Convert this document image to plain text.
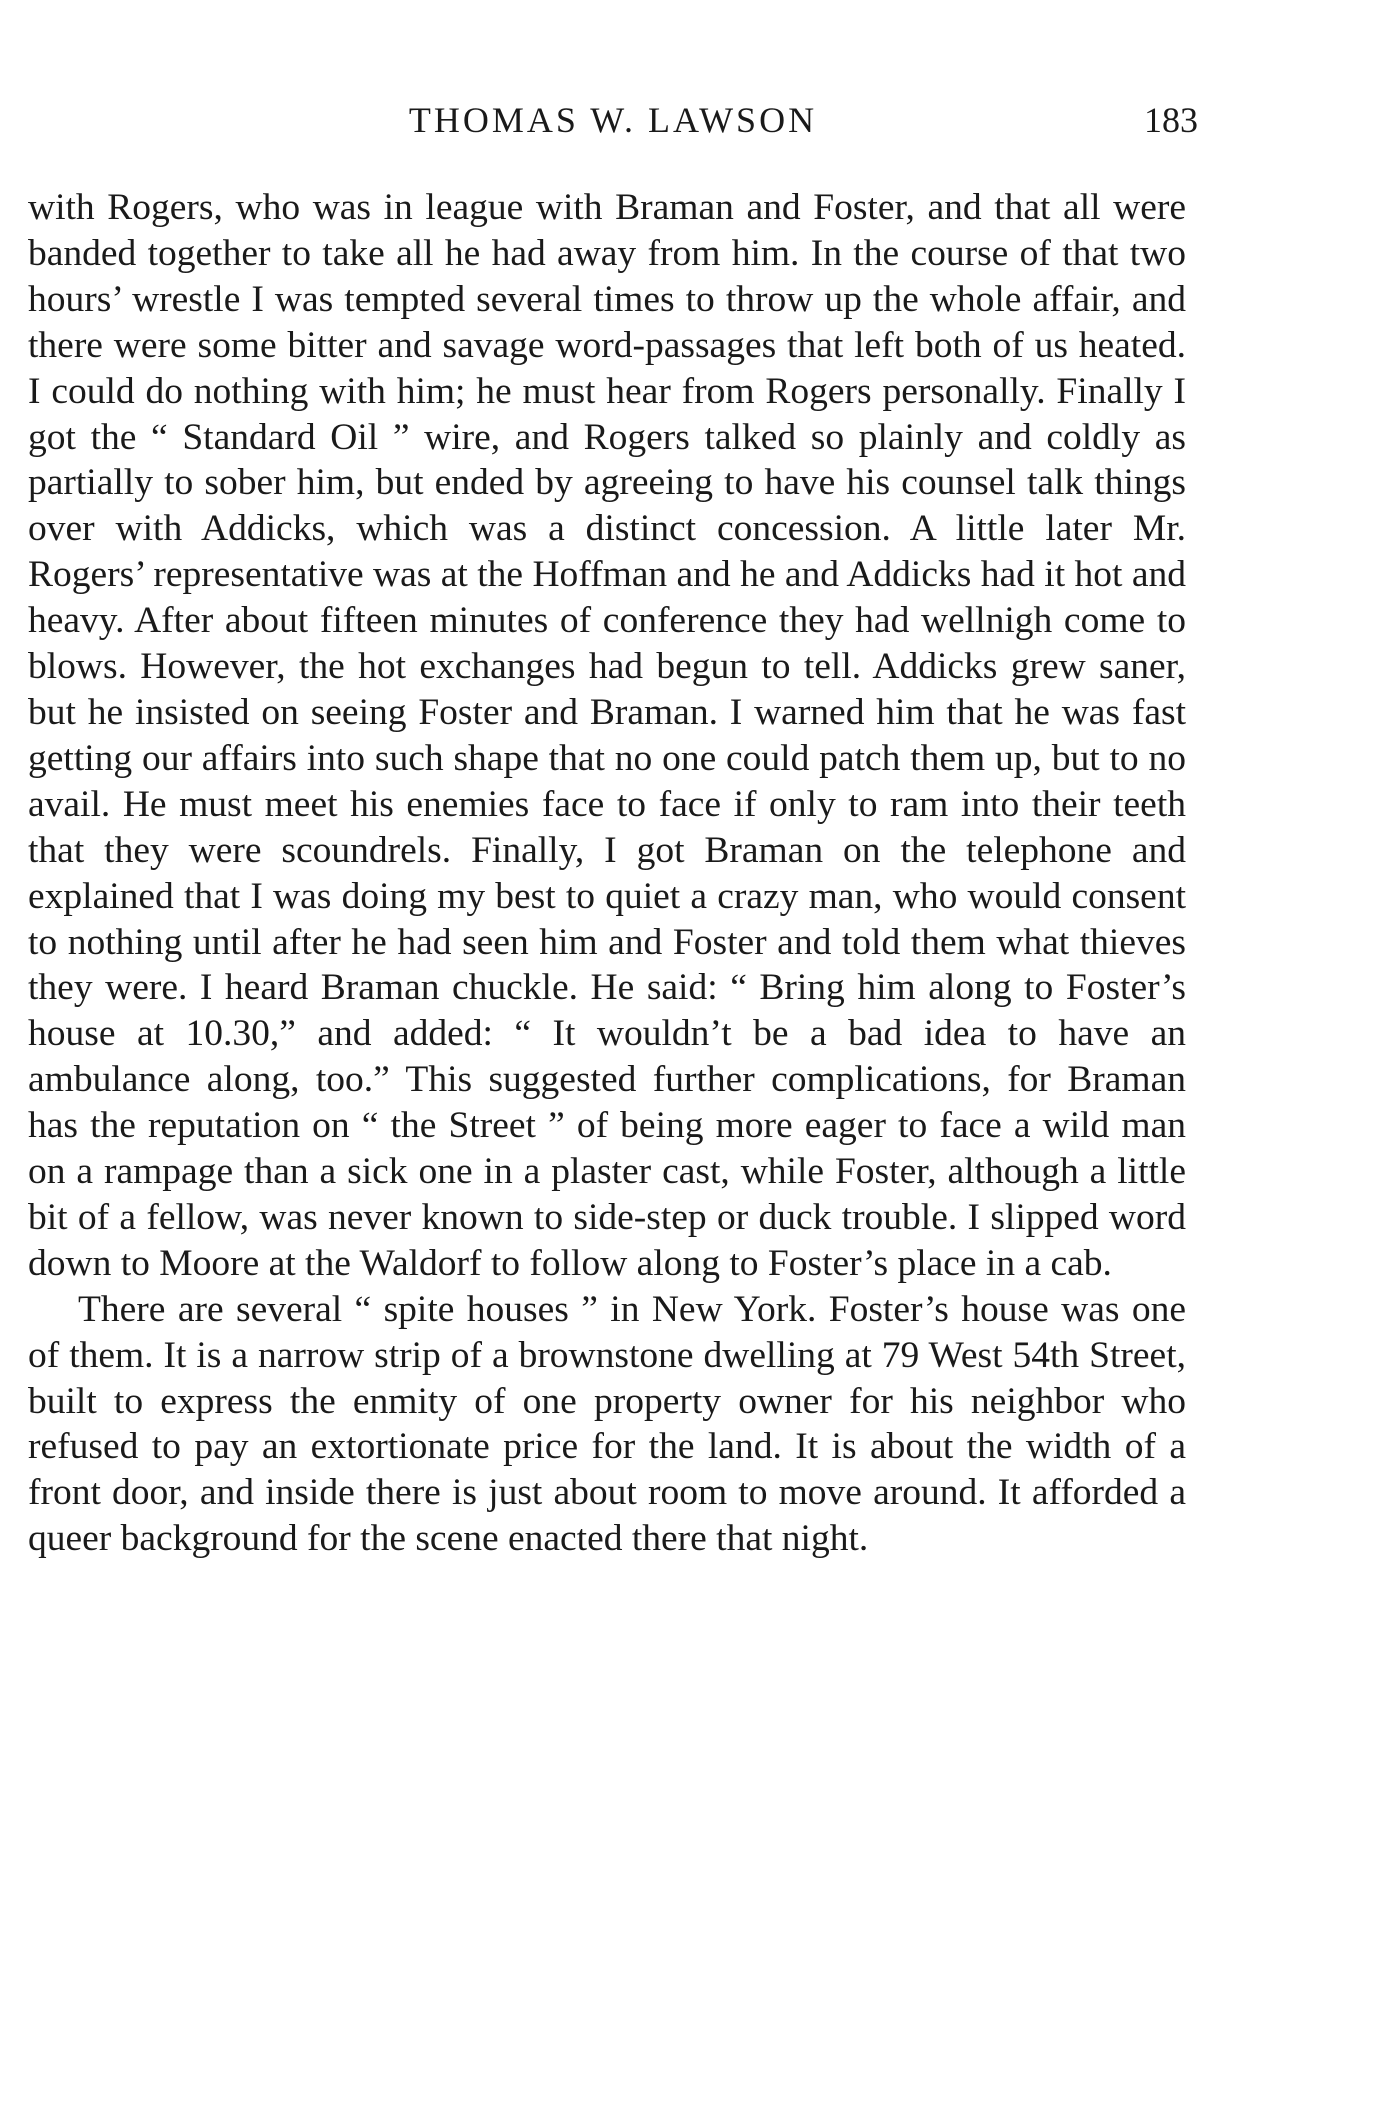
THOMAS W. LAWSON	183

with Rogers, who was in league with Braman and Foster, and that all were banded together to take all he had away from him. In the course of that two hours’ wrestle I was tempted several times to throw up the whole affair, and there were some bitter and savage word-passages that left both of us heated. I could do nothing with him; he must hear from Rogers personally. Finally I got the “ Standard Oil ” wire, and Rogers talked so plainly and coldly as partially to sober him, but ended by agreeing to have his counsel talk things over with Addicks, which was a distinct concession. A little later Mr. Rogers’ representative was at the Hoffman and he and Addicks had it hot and heavy. After about fifteen minutes of conference they had wellnigh come to blows. However, the hot exchanges had begun to tell. Addicks grew saner, but he insisted on seeing Foster and Braman. I warned him that he was fast getting our affairs into such shape that no one could patch them up, but to no avail. He must meet his enemies face to face if only to ram into their teeth that they were scoundrels. Finally, I got Braman on the telephone and explained that I was doing my best to quiet a crazy man, who would consent to nothing until after he had seen him and Foster and told them what thieves they were. I heard Braman chuckle. He said: “ Bring him along to Foster’s house at 10.30,” and added: “ It wouldn’t be a bad idea to have an ambulance along, too.” This suggested further complications, for Braman has the reputation on “ the Street ” of being more eager to face a wild man on a rampage than a sick one in a plaster cast, while Foster, although a little bit of a fellow, was never known to side-step or duck trouble. I slipped word down to Moore at the Waldorf to follow along to Foster’s place in a cab.

There are several “ spite houses ” in New York. Foster’s house was one of them. It is a narrow strip of a brownstone dwelling at 79 West 54th Street, built to express the enmity of one property owner for his neighbor who refused to pay an extortionate price for the land. It is about the width of a front door, and inside there is just about room to move around. It afforded a queer background for the scene enacted there that night.
